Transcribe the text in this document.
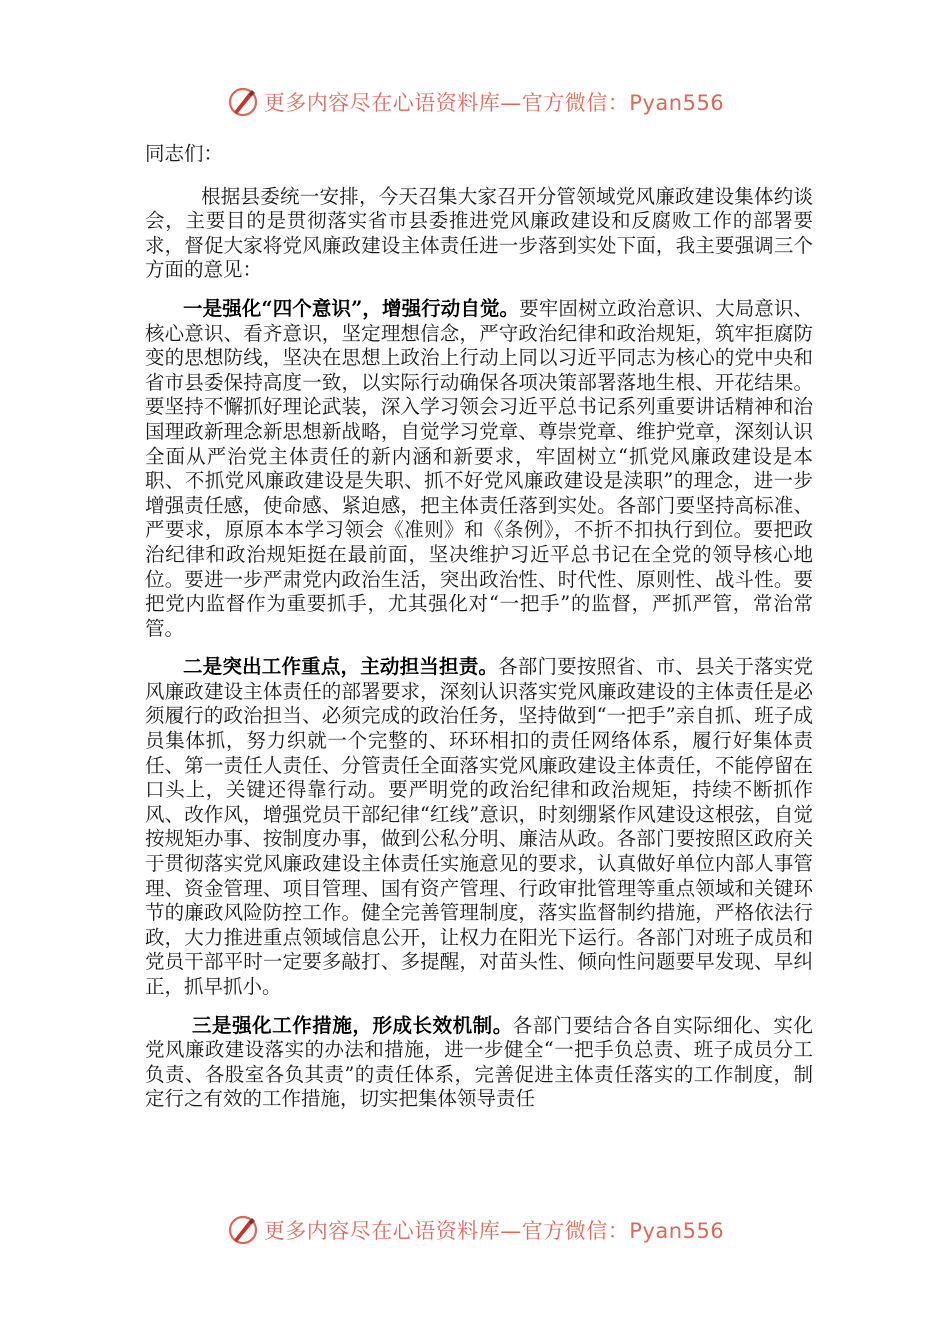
更多内容尽在心语资料库—官方微信：Pyan556

同志们：

根据县委统一安排，今天召集大家召开分管领域党风廉政建设集体约谈会，主要目的是贯彻落实省市县委推进党风廉政建设和反腐败工作的部署要求，督促大家将党风廉政建设主体责任进一步落到实处下面，我主要强调三个方面的意见：

一是强化“四个意识”，增强行动自觉。要牢固树立政治意识、大局意识、核心意识、看齐意识，坚定理想信念，严守政治纪律和政治规矩，筑牢拒腐防变的思想防线，坚决在思想上政治上行动上同以习近平同志为核心的党中央和省市县委保持高度一致，以实际行动确保各项决策部署落地生根、开花结果。要坚持不懈抓好理论武装，深入学习领会习近平总书记系列重要讲话精神和治国理政新理念新思想新战略，自觉学习党章、尊崇党章、维护党章，深刻认识全面从严治党主体责任的新内涵和新要求，牢固树立“抓党风廉政建设是本职、不抓党风廉政建设是失职、抓不好党风廉政建设是渎职”的理念，进一步增强责任感，使命感、紧迫感，把主体责任落到实处。各部门要坚持高标准、严要求，原原本本学习领会《准则》和《条例》，不折不扣执行到位。要把政治纪律和政治规矩挺在最前面，坚决维护习近平总书记在全党的领导核心地位。要进一步严肃党内政治生活，突出政治性、时代性、原则性、战斗性。要把党内监督作为重要抓手，尤其强化对“一把手”的监督，严抓严管，常治常管。

二是突出工作重点，主动担当担责。各部门要按照省、市、县关于落实党风廉政建设主体责任的部署要求，深刻认识落实党风廉政建设的主体责任是必须履行的政治担当、必须完成的政治任务，坚持做到“一把手”亲自抓、班子成员集体抓，努力织就一个完整的、环环相扣的责任网络体系，履行好集体责任、第一责任人责任、分管责任全面落实党风廉政建设主体责任，不能停留在口头上，关键还得靠行动。要严明党的政治纪律和政治规矩，持续不断抓作风、改作风，增强党员干部纪律“红线”意识，时刻绷紧作风建设这根弦，自觉按规矩办事、按制度办事，做到公私分明、廉洁从政。各部门要按照区政府关于贯彻落实党风廉政建设主体责任实施意见的要求，认真做好单位内部人事管理、资金管理、项目管理、国有资产管理、行政审批管理等重点领域和关键环节的廉政风险防控工作。健全完善管理制度，落实监督制约措施，严格依法行政，大力推进重点领域信息公开，让权力在阳光下运行。各部门对班子成员和党员干部平时一定要多敲打、多提醒，对苗头性、倾向性问题要早发现、早纠正，抓早抓小。

三是强化工作措施，形成长效机制。各部门要结合各自实际细化、实化党风廉政建设落实的办法和措施，进一步健全“一把手负总责、班子成员分工负责、各股室各负其责”的责任体系，完善促进主体责任落实的工作制度，制定行之有效的工作措施，切实把集体领导责任

更多内容尽在心语资料库—官方微信：Pyan556
